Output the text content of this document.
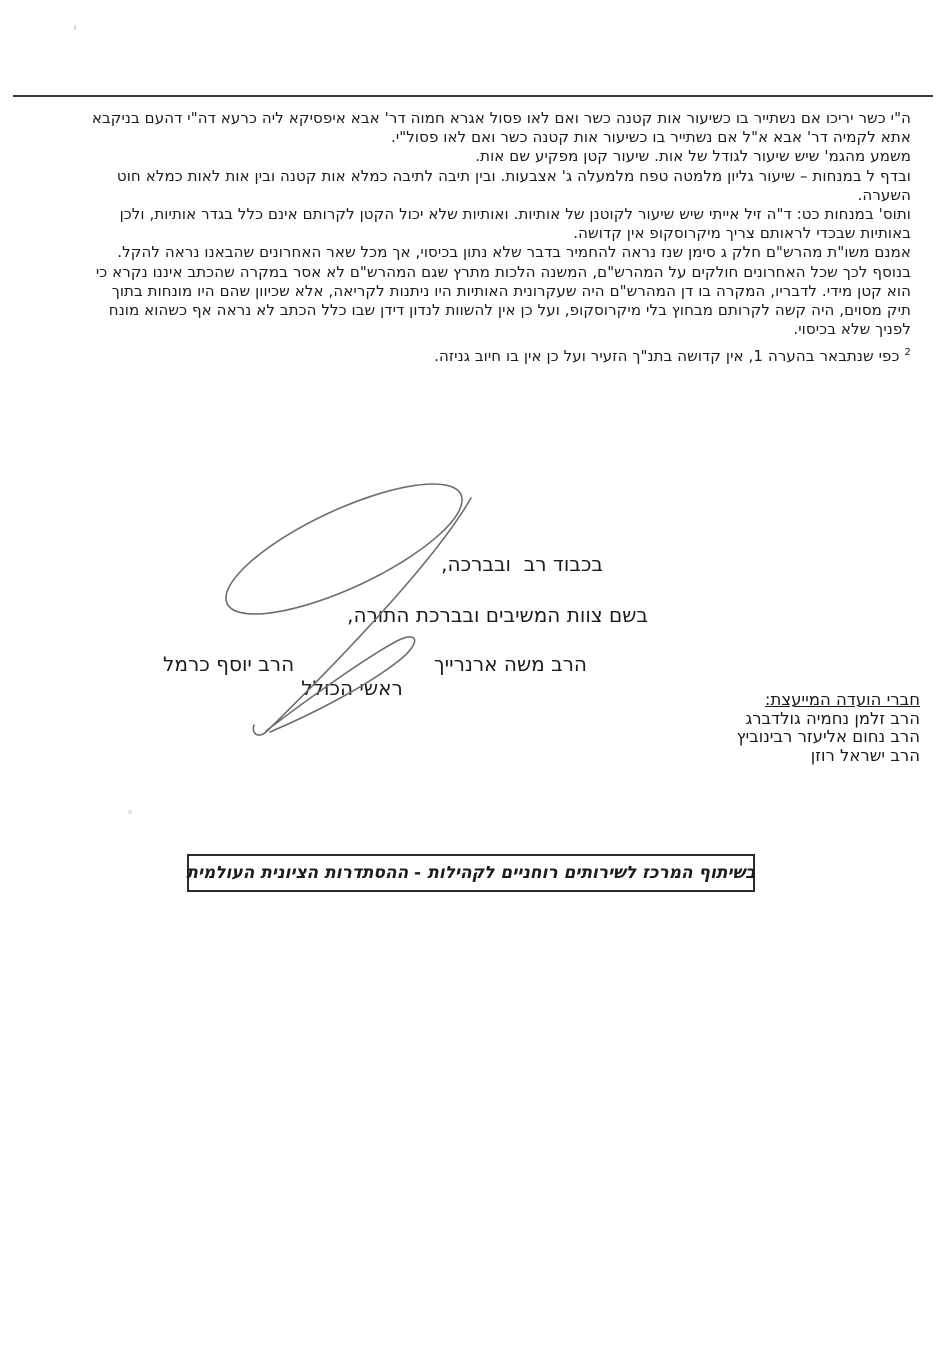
ה"י כשר יריכו אם נשתייר בו כשיעור אות קטנה כשר ואם לאו פסול אגרא חמוה דר' אבא איפסיקא ליה כרעא דה"י דהעם בניקבא
אתא לקמיה דר' אבא א"ל אם נשתייר בו כשיעור אות קטנה כשר ואם לאו פסול"י.
משמע מהגמ' שיש שיעור לגודל של אות. שיעור קטן מפקיע שם אות.
ובדף ל במנחות – שיעור גליון מלמטה טפח מלמעלה ג' אצבעות. ובין תיבה לתיבה כמלא אות קטנה ובין אות לאות כמלא חוט
השערה.
ותוס' במנחות כט: ד"ה זיל אייתי שיש שיעור לקוטנן של אותיות. ואותיות שלא יכול הקטן לקרותם אינם כלל בגדר אותיות, ולכן
באותיות שבכדי לראותם צריך מיקרוסקופ אין קדושה.
אמנם משו"ת מהרש"ם חלק ג סימן שנז נראה להחמיר בדבר שלא נתון בכיסוי, אך מכל שאר האחרונים שהבאנו נראה להקל.
בנוסף לכך שכל האחרונים חולקים על המהרש"ם, המשנה הלכות מתרץ שגם המהרש"ם לא אסר במקרה שהכתב איננו נקרא כי
הוא קטן מידי. לדבריו, המקרה בו דן המהרש"ם היה שעקרונית האותיות היו ניתנות לקריאה, אלא שכיוון שהם היו מונחות בתוך
תיק מסוים, היה קשה לקרותם מבחוץ בלי מיקרוסקופ, ועל כן אין להשוות לנדון דידן שבו כלל הכתב לא נראה אף כשהוא מונח
לפניך שלא בכיסוי.
$^2$כפי שנתבאר בהערה 1, אין קדושה בתנ"ך הזעיר ועל כן אין בו חיוב גניזה.
בכבוד רב  ובברכה,
בשם צוות המשיבים ובברכת התורה,
הרב משה ארנרייך
הרב יוסף כרמל
ראשי הכולל	חברי הועדה המייעצת:
הרב זלמן נחמיה גולדברג
הרב נחום אליעזר רבינוביץ
הרב ישראל רוזן
בשיתוף המרכז לשירותים רוחניים לקהילות - ההסתדרות הציונית העולמית
